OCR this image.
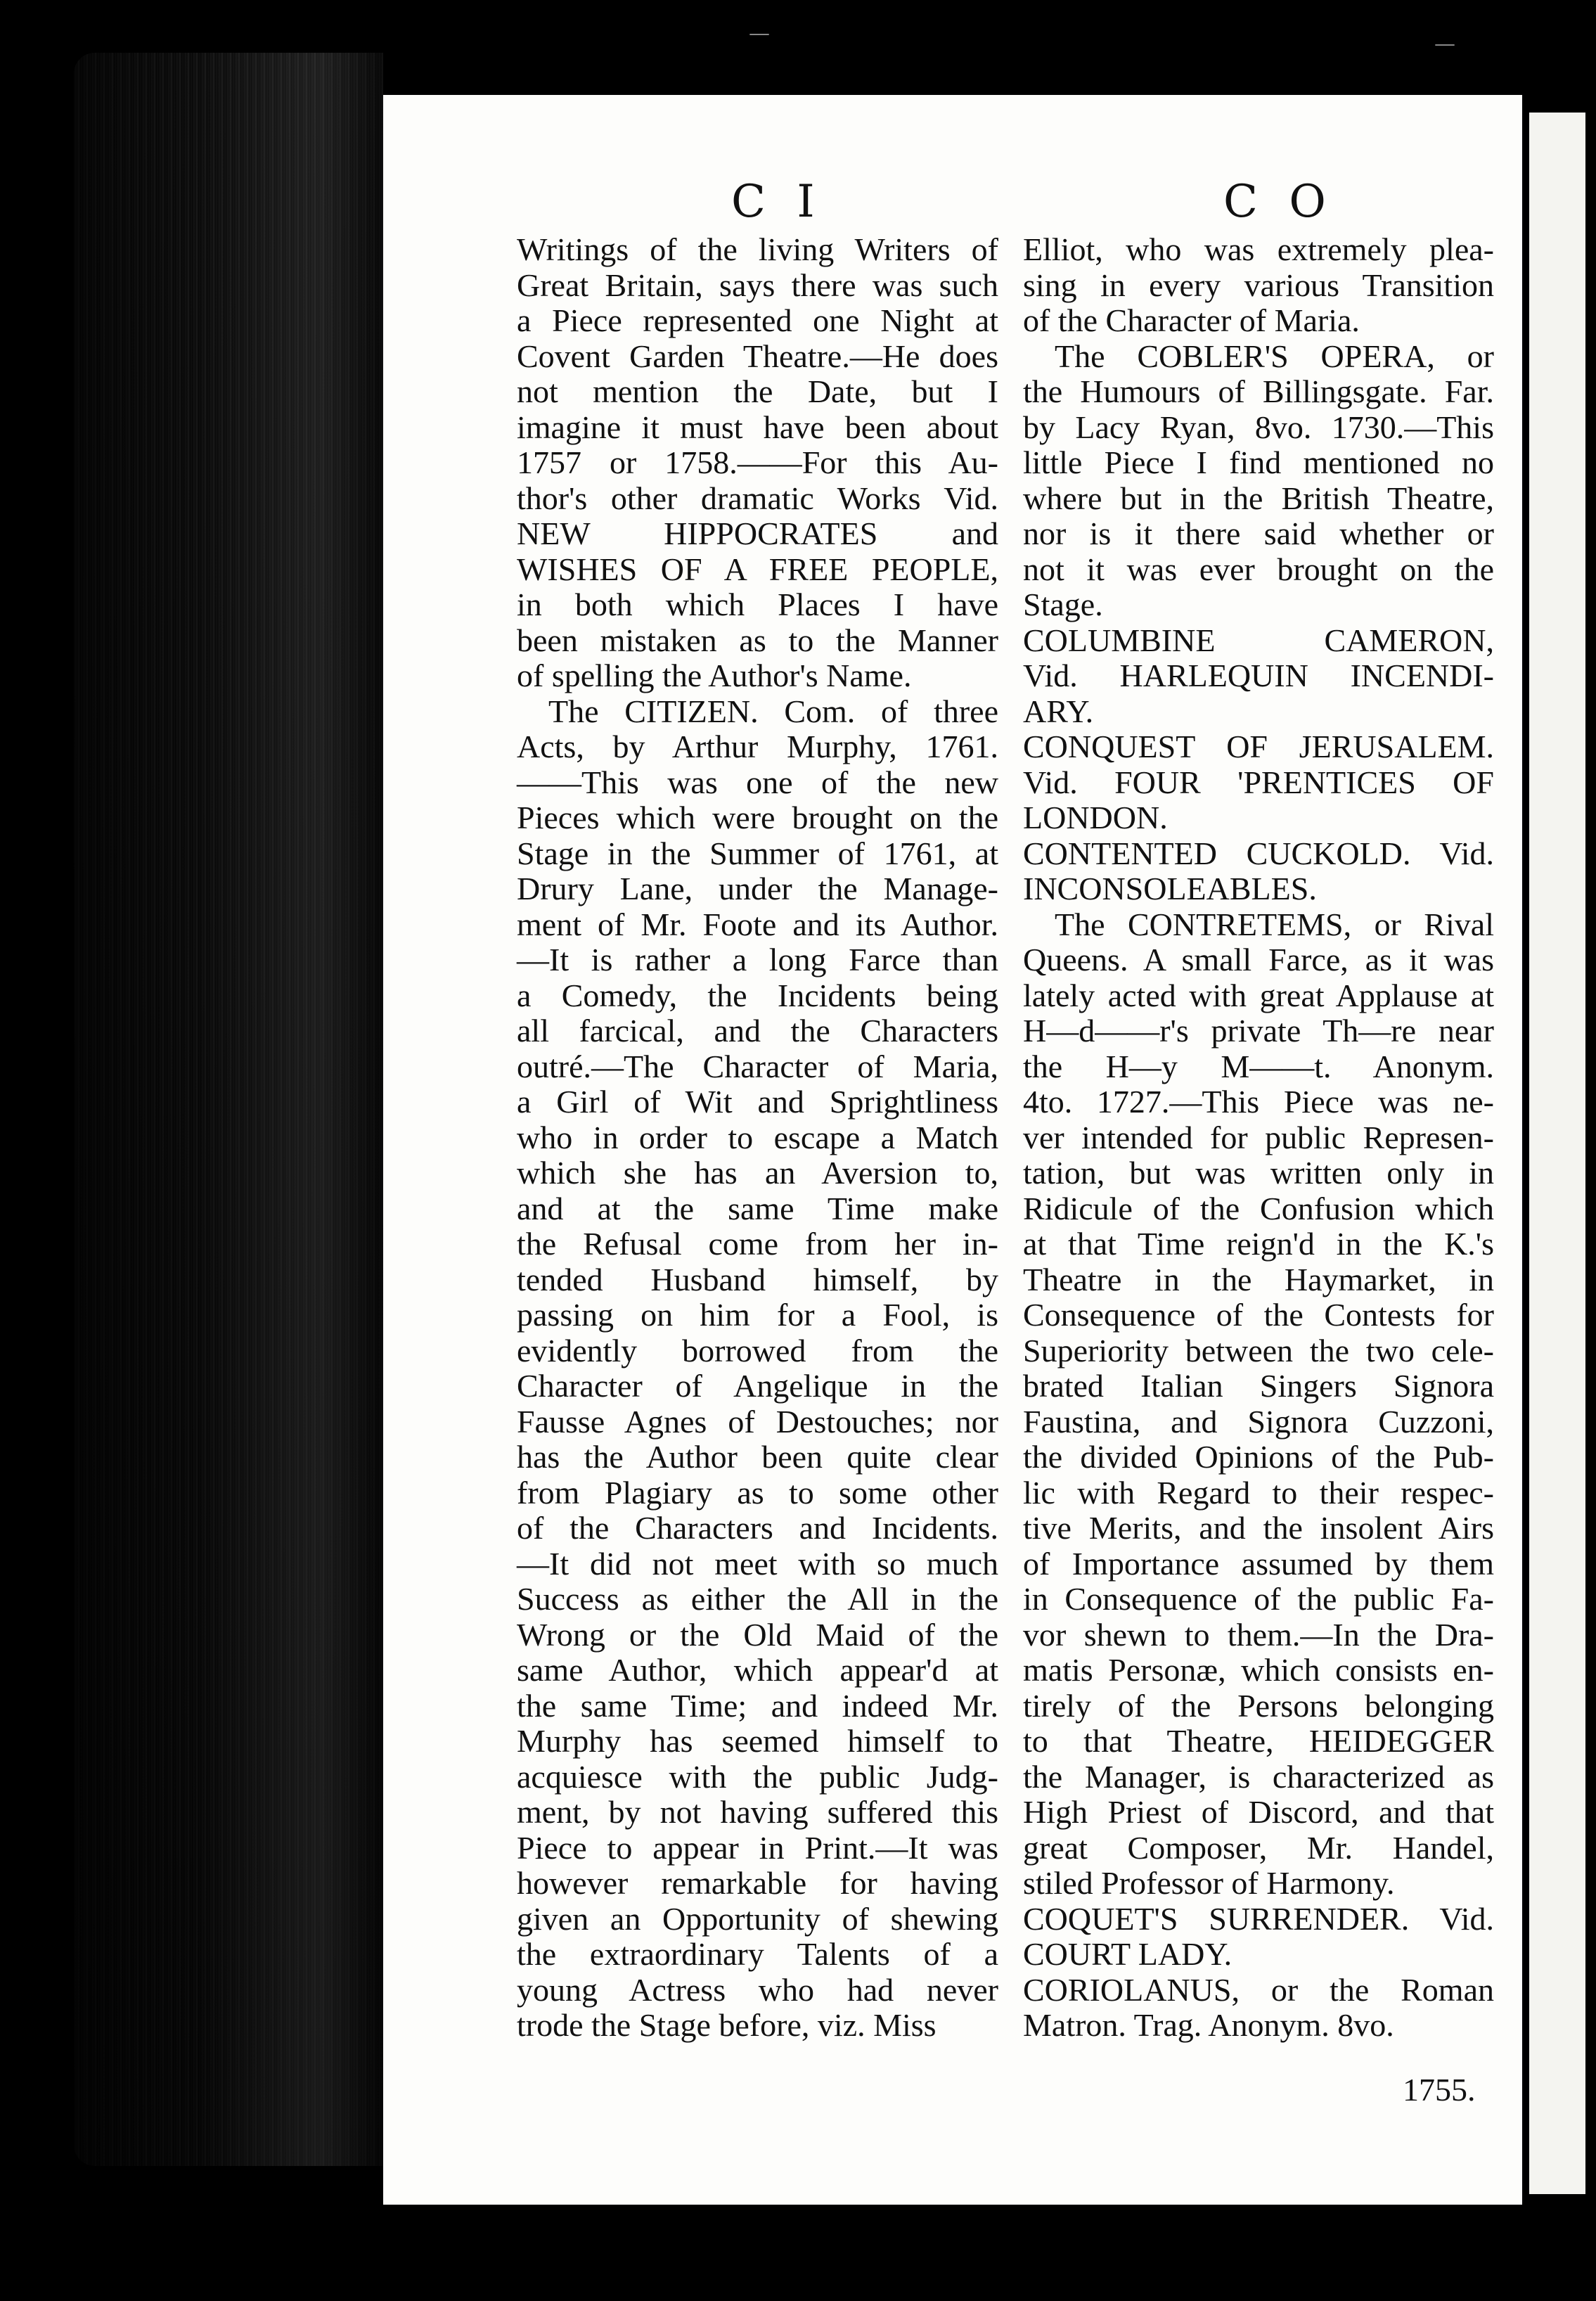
—	—
C I	C O
Writings of the living Writers of
Great Britain, says there was such
a Piece represented one Night at
Covent Garden Theatre.—He does
not mention the Date, but I
imagine it must have been about
1757 or 1758.——For this Au-
thor's other dramatic Works Vid.
NEW HIPPOCRATES and
WISHES OF A FREE PEOPLE,
in both which Places I have
been mistaken as to the Manner
of spelling the Author's Name.
The CITIZEN. Com. of three
Acts, by Arthur Murphy, 1761.
——This was one of the new
Pieces which were brought on the
Stage in the Summer of 1761, at
Drury Lane, under the Manage-
ment of Mr. Foote and its Author.
—It is rather a long Farce than
a Comedy, the Incidents being
all farcical, and the Characters
outré.—The Character of Maria,
a Girl of Wit and Sprightliness
who in order to escape a Match
which she has an Aversion to,
and at the same Time make
the Refusal come from her in-
tended Husband himself, by
passing on him for a Fool, is
evidently borrowed from the
Character of Angelique in the
Fausse Agnes of Destouches; nor
has the Author been quite clear
from Plagiary as to some other
of the Characters and Incidents.
—It did not meet with so much
Success as either the All in the
Wrong or the Old Maid of the
same Author, which appear'd at
the same Time; and indeed Mr.
Murphy has seemed himself to
acquiesce with the public Judg-
ment, by not having suffered this
Piece to appear in Print.—It was
however remarkable for having
given an Opportunity of shewing
the extraordinary Talents of a
young Actress who had never
trode the Stage before, viz. Miss
Elliot, who was extremely plea-
sing in every various Transition
of the Character of Maria.
The COBLER'S OPERA, or
the Humours of Billingsgate. Far.
by Lacy Ryan, 8vo. 1730.—This
little Piece I find mentioned no
where but in the British Theatre,
nor is it there said whether or
not it was ever brought on the
Stage.
COLUMBINE CAMERON,
Vid. HARLEQUIN INCENDI-
ARY.
CONQUEST OF JERUSALEM.
Vid. FOUR 'PRENTICES OF
LONDON.
CONTENTED CUCKOLD. Vid.
INCONSOLEABLES.
The CONTRETEMS, or Rival
Queens. A small Farce, as it was
lately acted with great Applause at
H—d——r's private Th—re near
the H—y M——t. Anonym.
4to. 1727.—This Piece was ne-
ver intended for public Represen-
tation, but was written only in
Ridicule of the Confusion which
at that Time reign'd in the K.'s
Theatre in the Haymarket, in
Consequence of the Contests for
Superiority between the two cele-
brated Italian Singers Signora
Faustina, and Signora Cuzzoni,
the divided Opinions of the Pub-
lic with Regard to their respec-
tive Merits, and the insolent Airs
of Importance assumed by them
in Consequence of the public Fa-
vor shewn to them.—In the Dra-
matis Personæ, which consists en-
tirely of the Persons belonging
to that Theatre, HEIDEGGER
the Manager, is characterized as
High Priest of Discord, and that
great Composer, Mr. Handel,
stiled Professor of Harmony.
COQUET'S SURRENDER. Vid.
COURT LADY.
CORIOLANUS, or the Roman
Matron. Trag. Anonym. 8vo.
1755.
